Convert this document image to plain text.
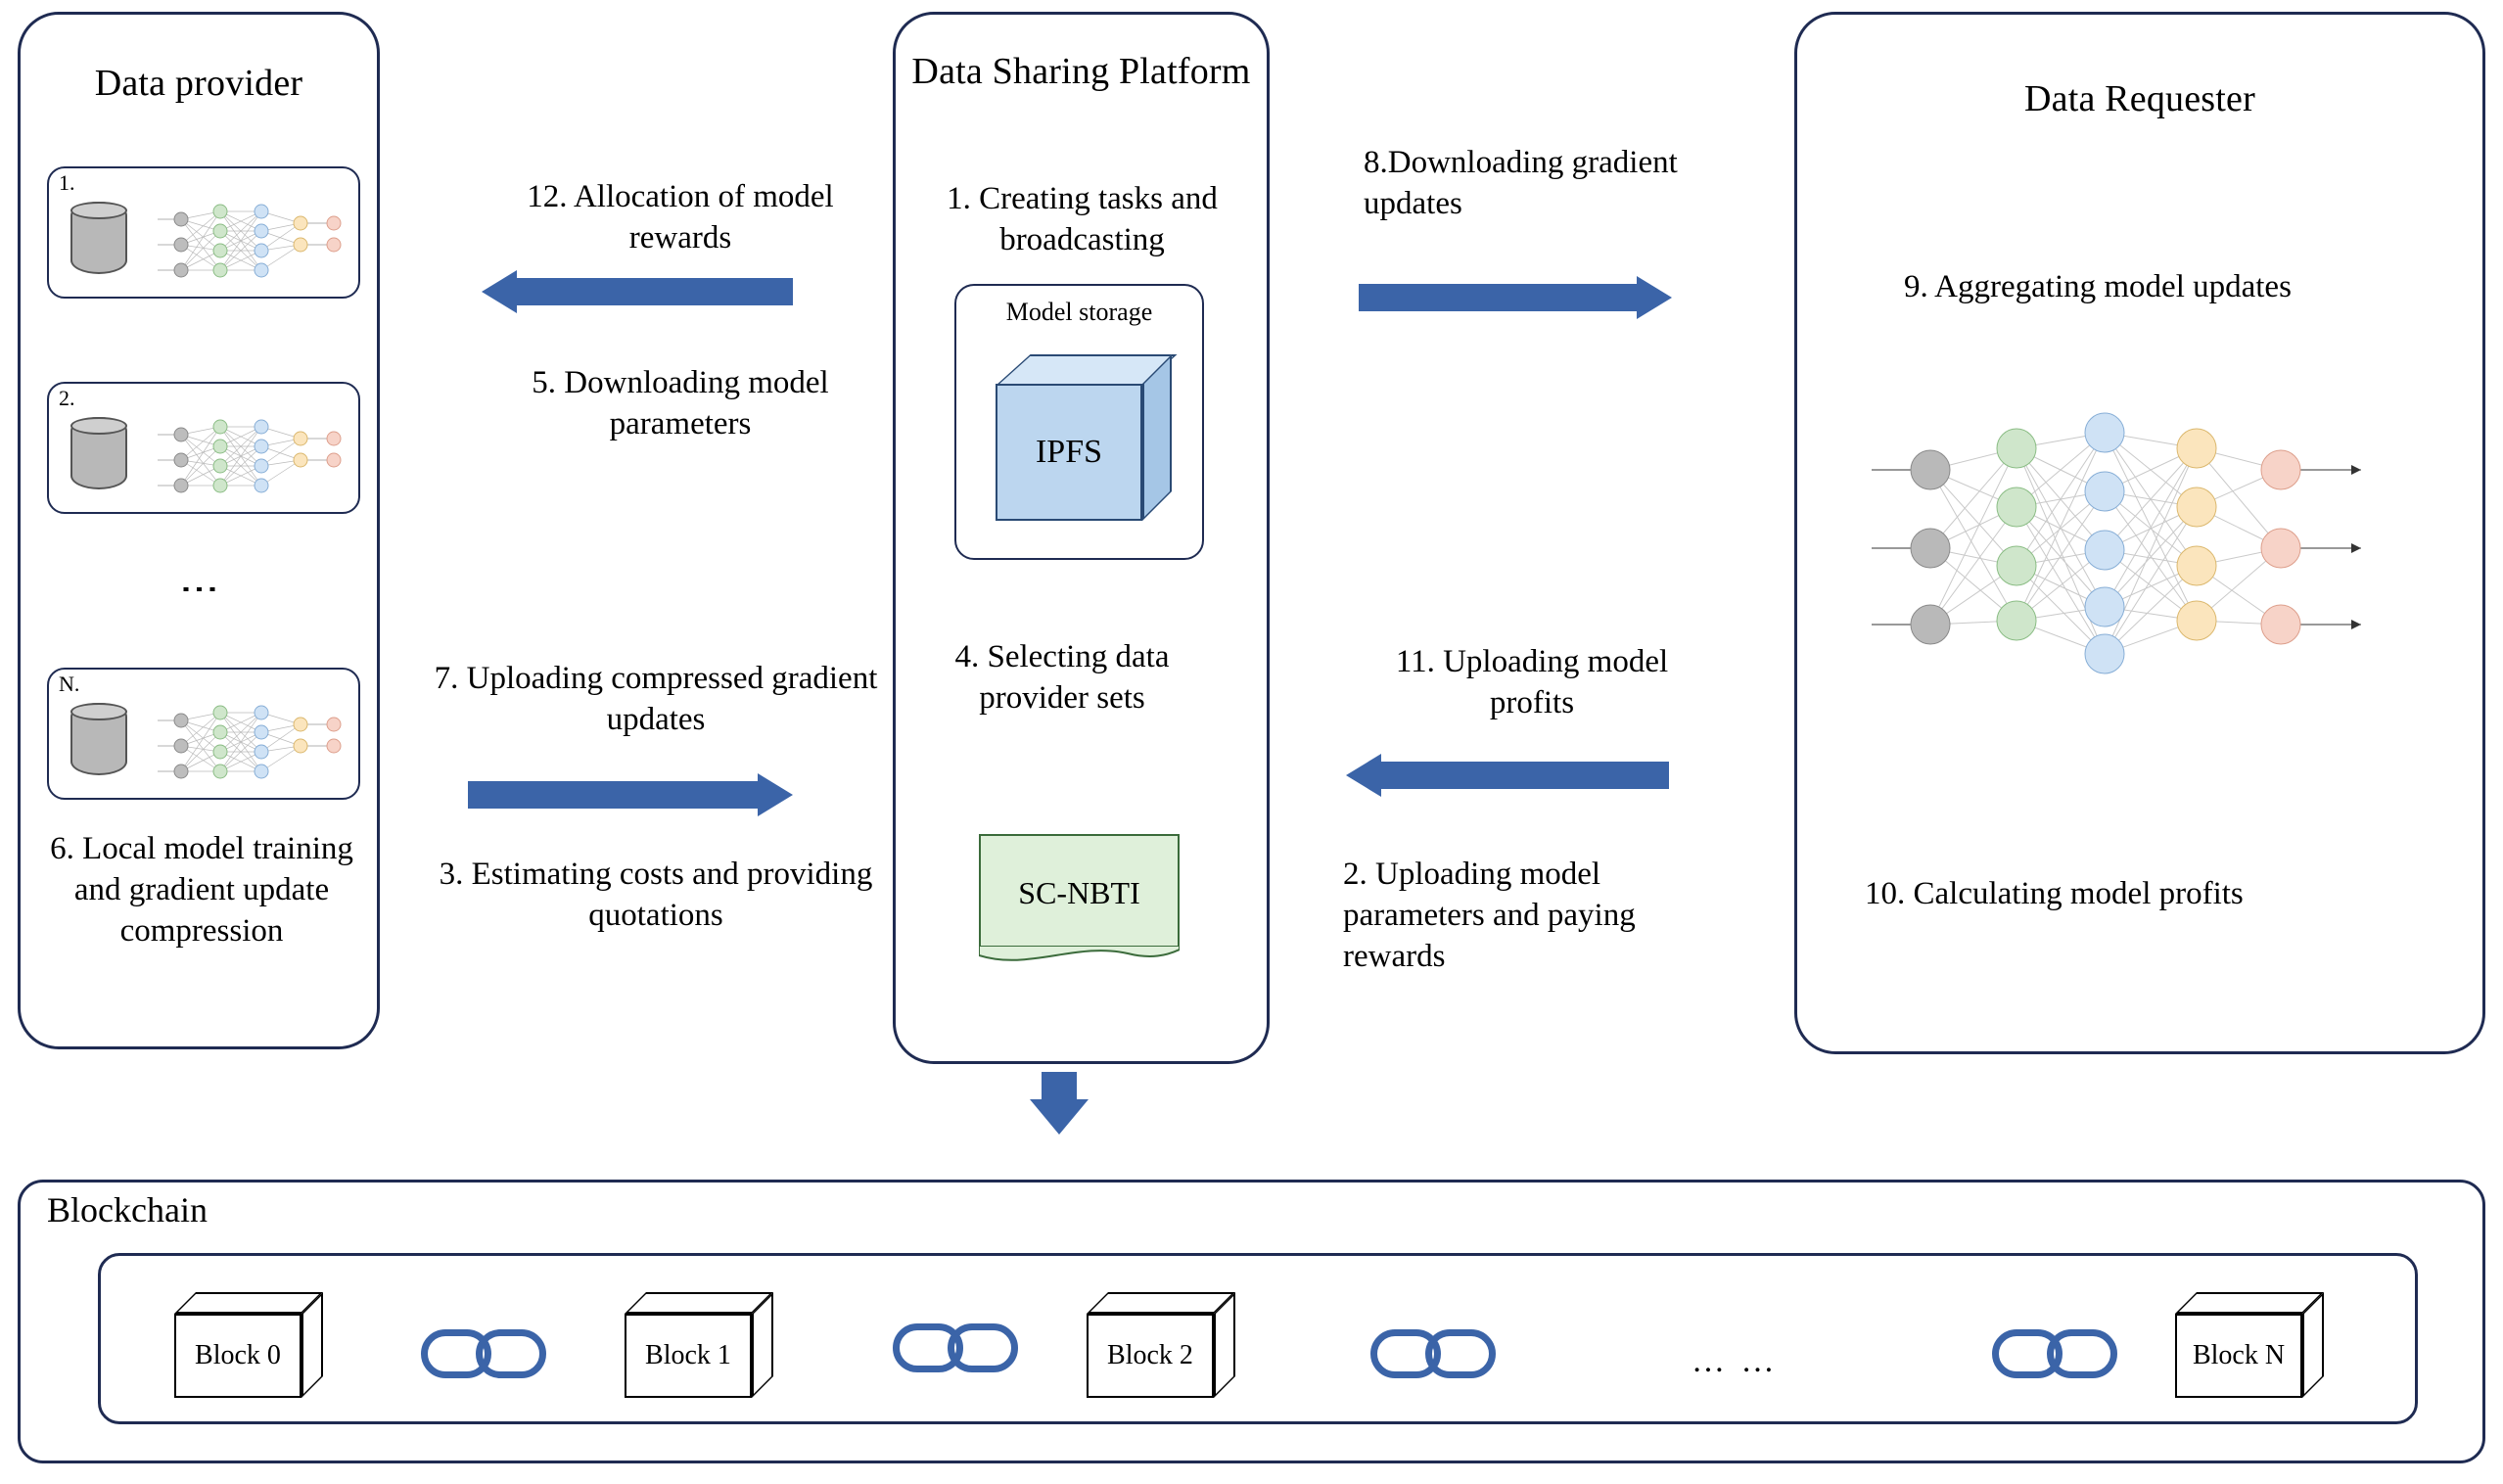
Data provider
1.
2.
⋮
N.
6. Local model training and gradient update compression
Data Sharing Platform
1. Creating tasks and broadcasting
Model storage
IPFS
4. Selecting data provider sets
SC-NBTI
Data Requester
9. Aggregating model updates
10. Calculating model profits
12. Allocation of model rewards
5. Downloading model parameters
7. Uploading compressed gradient updates
3. Estimating costs and providing quotations
8.Downloading gradient updates
11. Uploading model profits
2. Uploading model parameters and paying rewards
Blockchain
Block 0	Block 1	Block 2	… …	Block N
